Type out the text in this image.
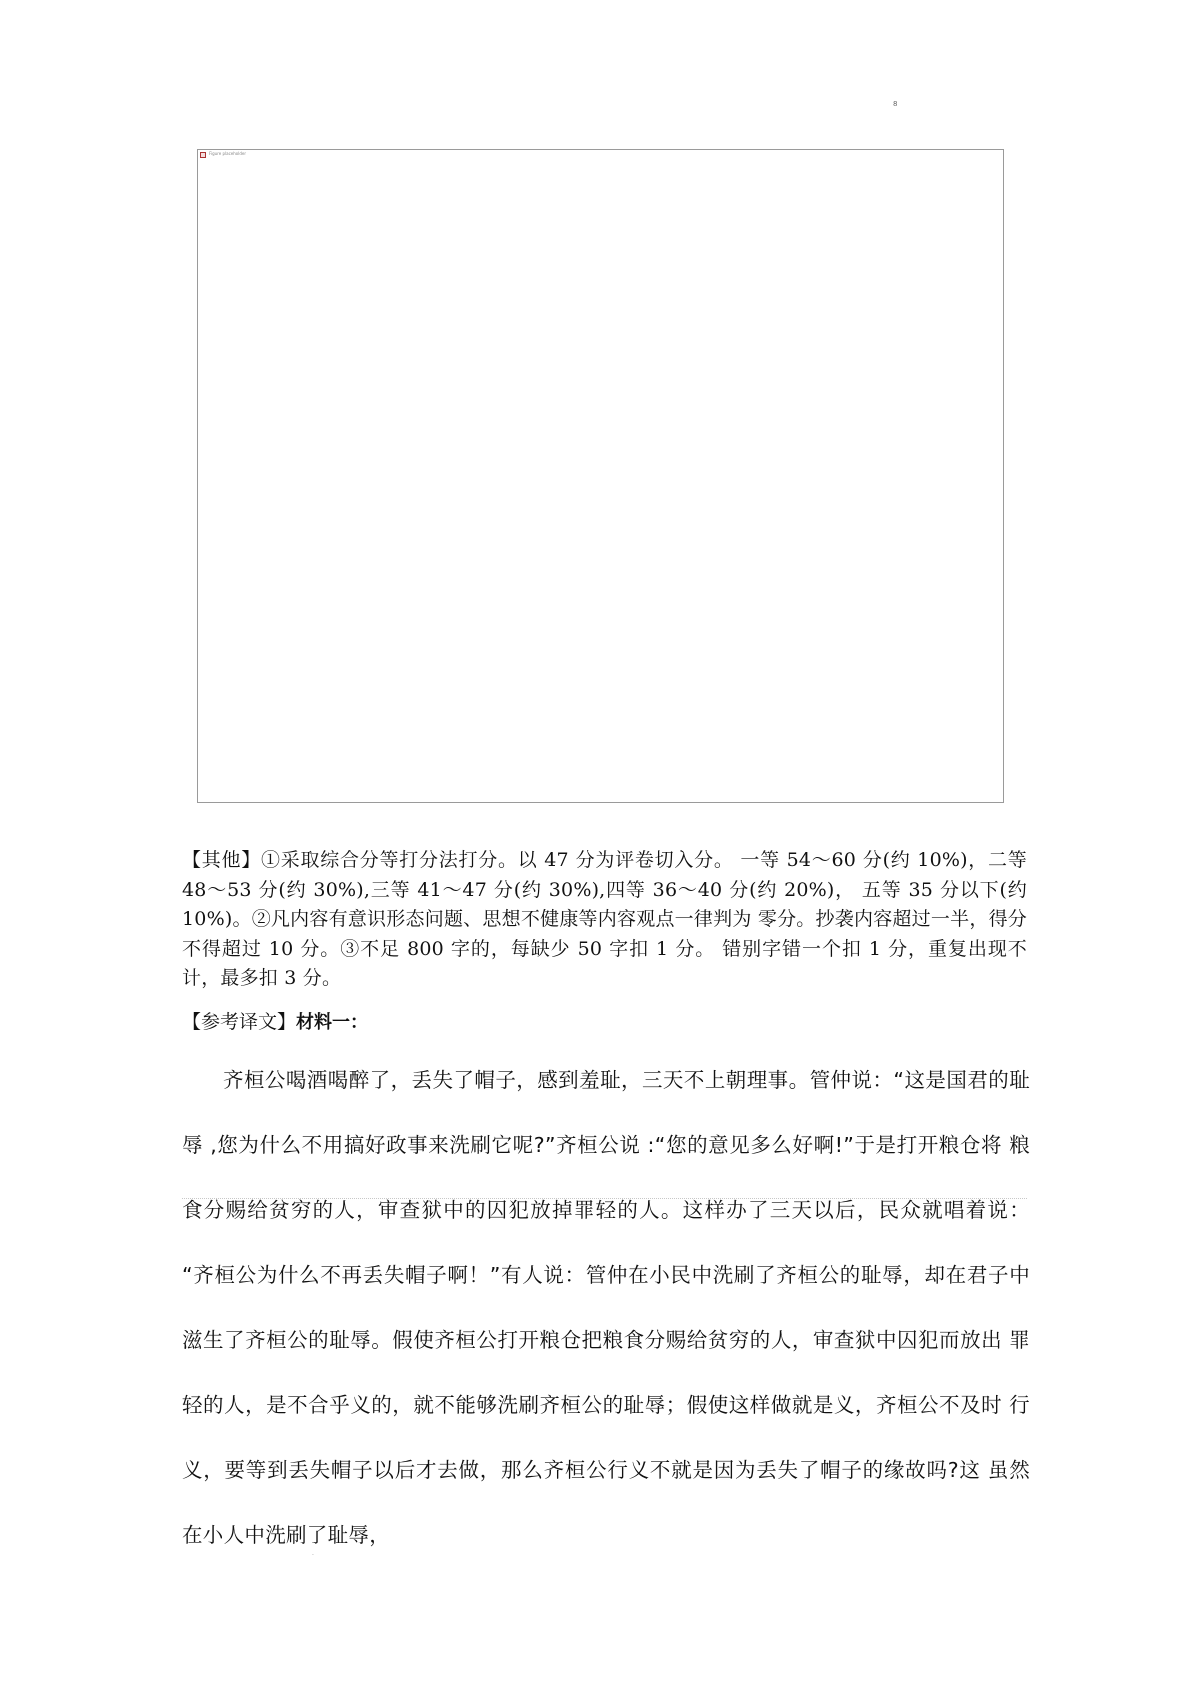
8
Figure placeholder

【其他】①采取综合分等打分法打分。以 47 分为评卷切入分。 一等 54～60 分(约 10%)，二等 48～53 分(约 30%),三等 41～47 分(约 30%),四等 36～40 分(约 20%)， 五等 35 分以下(约 10%)。②凡内容有意识形态问题、思想不健康等内容观点一律判为 零分。抄袭内容超过一半，得分不得超过 10 分。③不足 800 字的，每缺少 50 字扣 1 分。 错别字错一个扣 1 分，重复出现不计，最多扣 3 分。

【参考译文】材料一：

齐桓公喝酒喝醉了，丢失了帽子，感到羞耻，三天不上朝理事。管仲说：“这是国君的耻 辱 ,您为什么不用搞好政事来洗刷它呢?”齐桓公说 :“您的意见多么好啊!”于是打开粮仓将 粮食分赐给贫穷的人，审查狱中的囚犯放掉罪轻的人。这样办了三天以后，民众就唱着说： “齐桓公为什么不再丢失帽子啊！”有人说：管仲在小民中洗刷了齐桓公的耻辱，却在君子中 滋生了齐桓公的耻辱。假使齐桓公打开粮仓把粮食分赐给贫穷的人，审查狱中囚犯而放出 罪轻的人，是不合乎义的，就不能够洗刷齐桓公的耻辱；假使这样做就是义，齐桓公不及时 行义，要等到丢失帽子以后才去做，那么齐桓公行义不就是因为丢失了帽子的缘故吗?这 虽然在小人中洗刷了耻辱，

·
